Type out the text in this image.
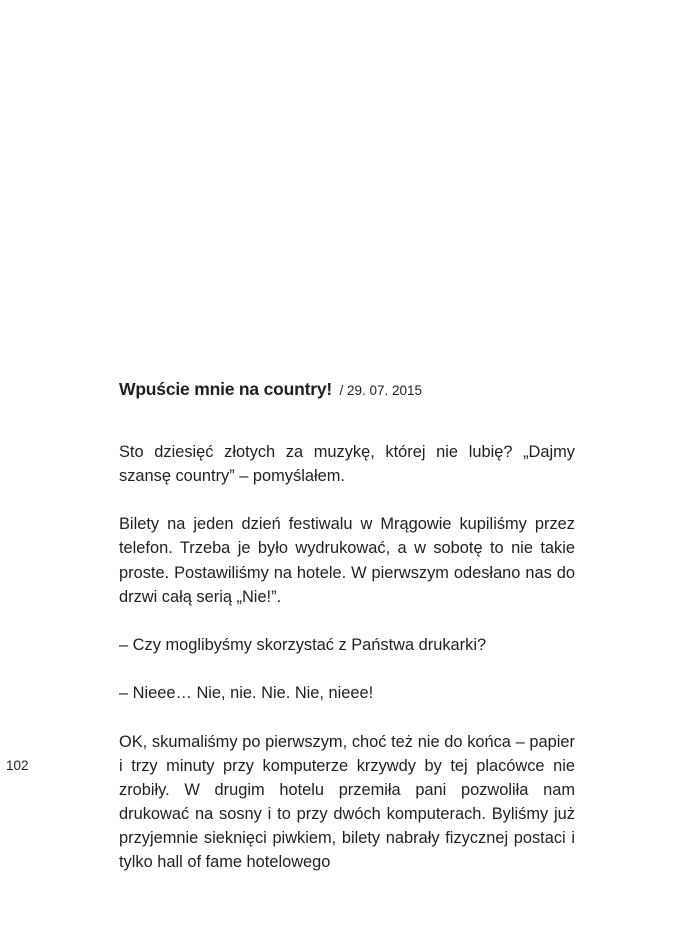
Wpuście mnie na country! / 29. 07. 2015

Sto dziesięć złotych za muzykę, której nie lubię? „Dajmy szansę country” – pomyślałem.

Bilety na jeden dzień festiwalu w Mrągowie kupiliśmy przez telefon. Trzeba je było wydrukować, a w sobotę to nie takie proste. Postawiliśmy na hotele. W pierwszym odesłano nas do drzwi całą serią „Nie!”.

– Czy moglibyśmy skorzystać z Państwa drukarki?

– Nieee… Nie, nie. Nie. Nie, nieee!

OK, skumaliśmy po pierwszym, choć też nie do końca – papier i trzy minuty przy komputerze krzywdy by tej placówce nie zrobiły. W drugim hotelu przemiła pani pozwoliła nam drukować na sosny i to przy dwóch komputerach. Byliśmy już przyjemnie sieknięci piwkiem, bilety nabrały fizycznej postaci i tylko hall of fame hotelowego

102
